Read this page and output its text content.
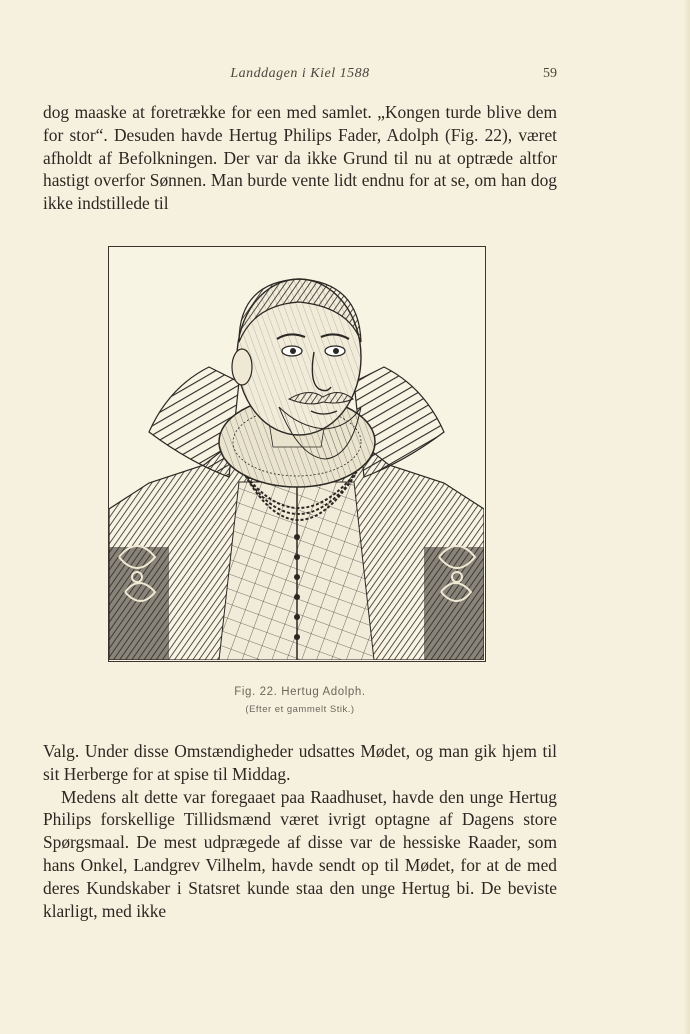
Landdagen i Kiel 1588	59

dog maaske at foretrække for een med samlet. „Kongen turde blive dem for stor“. Desuden havde Hertug Philips Fader, Adolph (Fig. 22), været afholdt af Befolkningen. Der var da ikke Grund til nu at optræde altfor hastigt overfor Sønnen. Man burde vente lidt endnu for at se, om han dog ikke indstillede til

Fig. 22. Hertug Adolph.
(Efter et gammelt Stik.)

Valg. Under disse Omstændigheder udsattes Mødet, og man gik hjem til sit Herberge for at spise til Middag.

Medens alt dette var foregaaet paa Raadhuset, havde den unge Hertug Philips forskellige Tillidsmænd været ivrigt optagne af Dagens store Spørgsmaal. De mest udprægede af disse var de hessiske Raader, som hans Onkel, Landgrev Vilhelm, havde sendt op til Mødet, for at de med deres Kundskaber i Statsret kunde staa den unge Hertug bi. De beviste klarligt, med ikke
